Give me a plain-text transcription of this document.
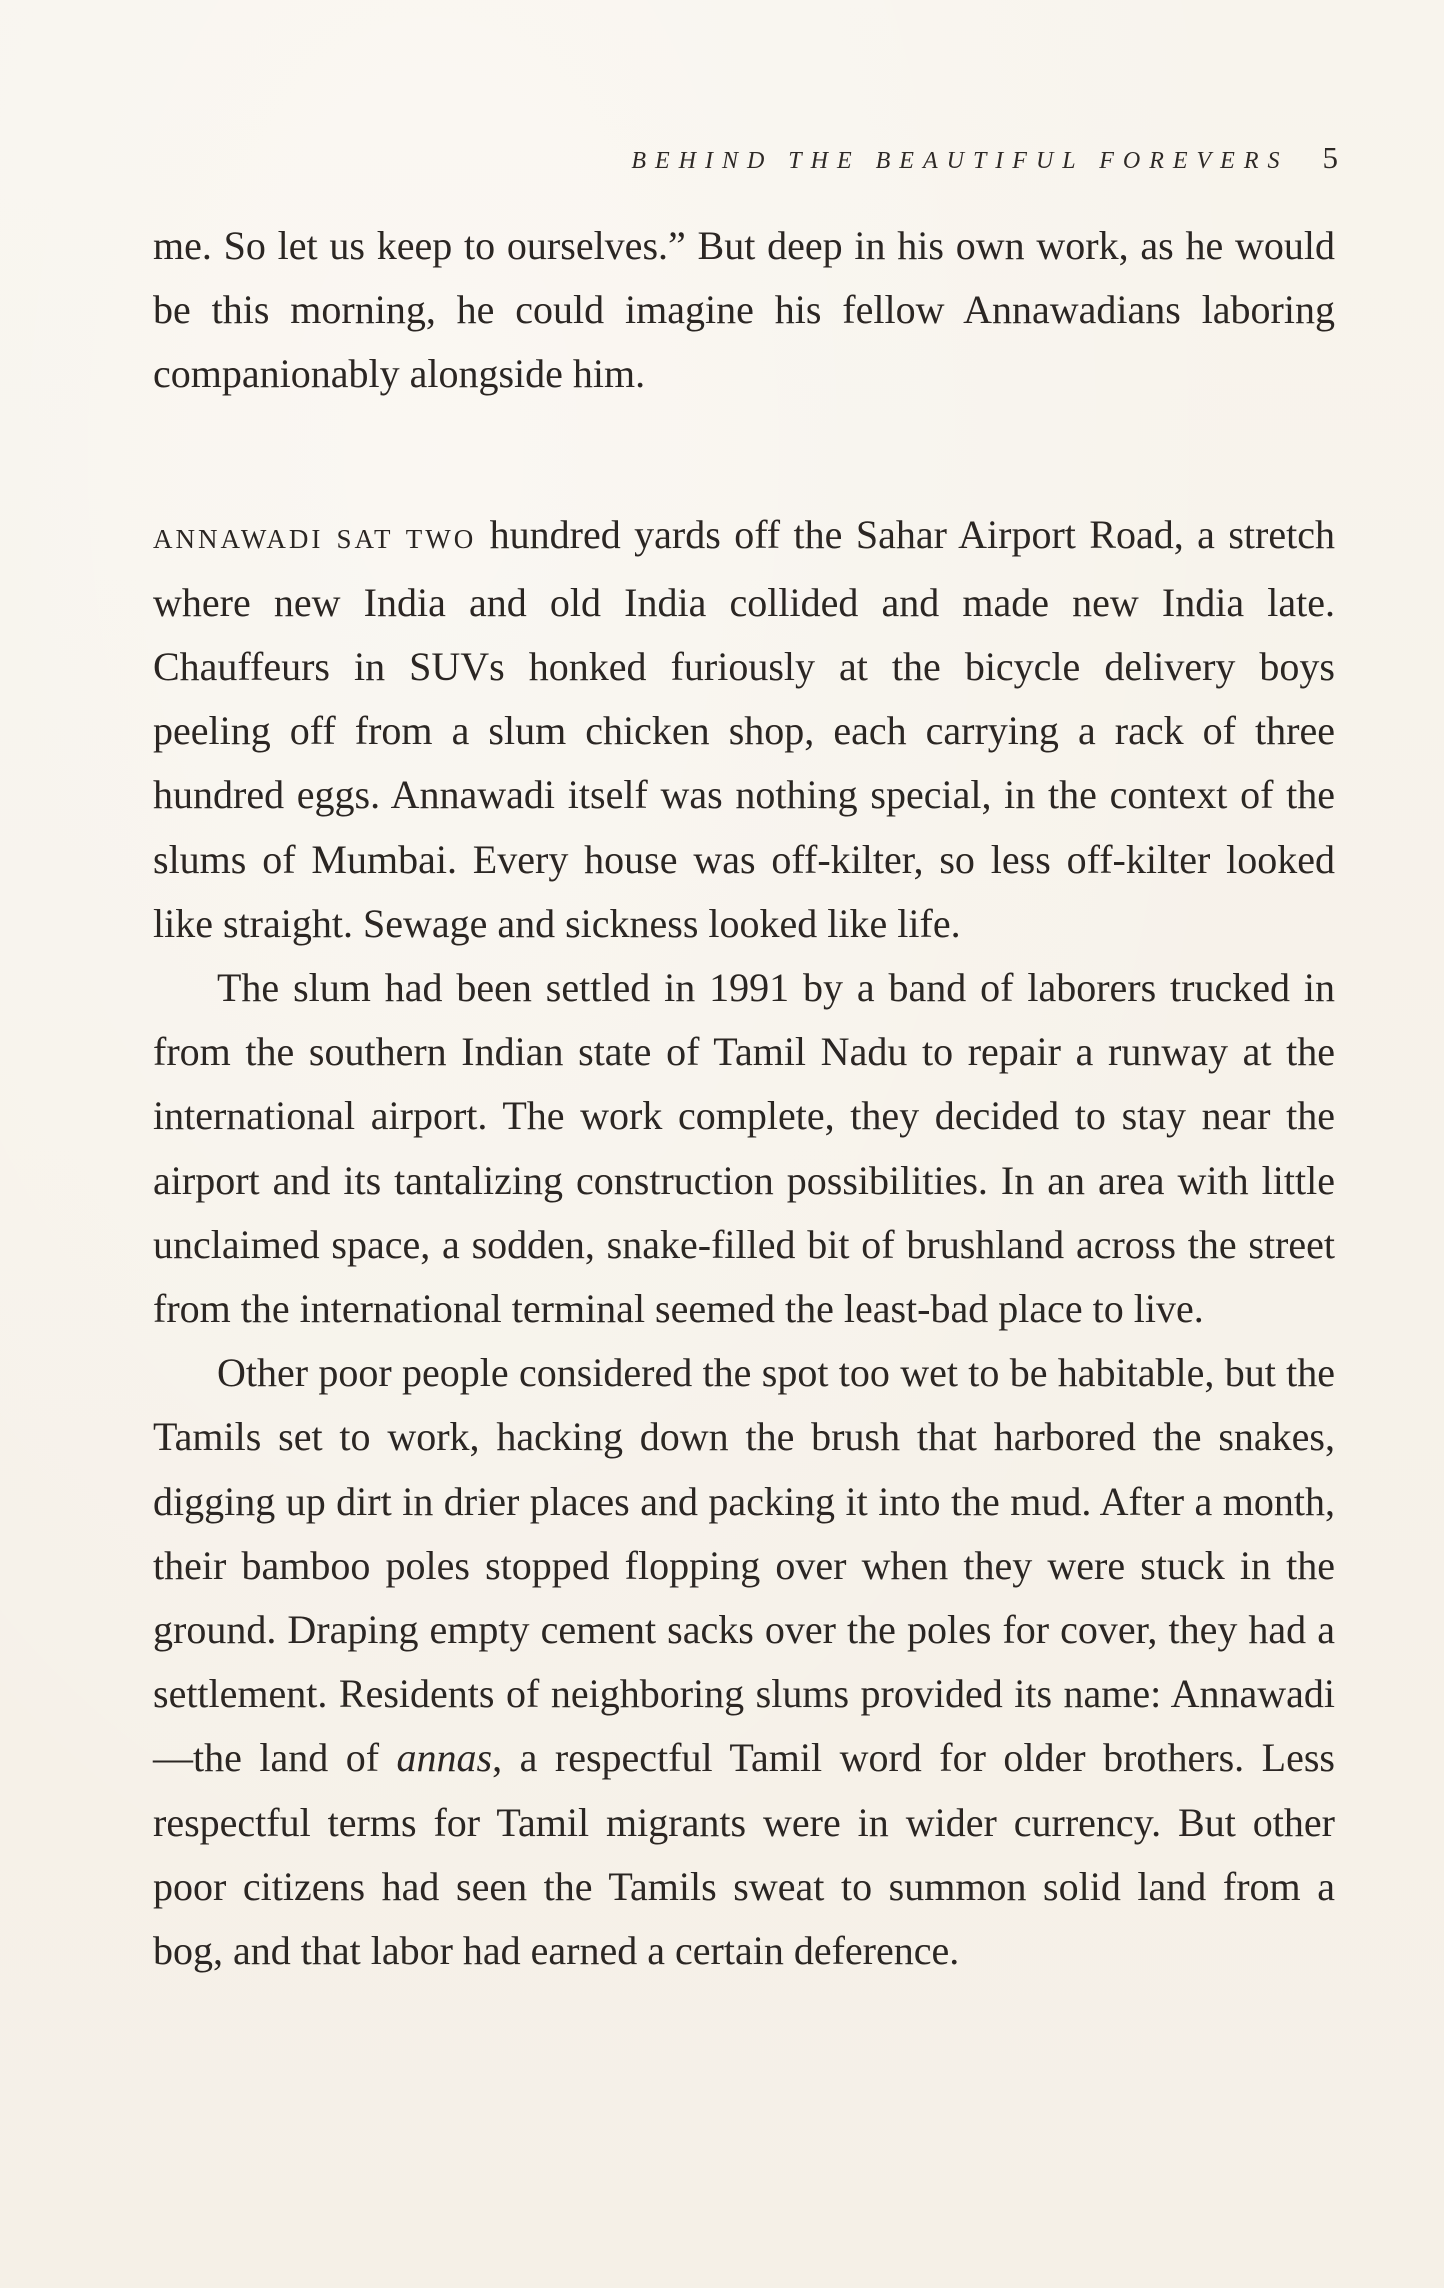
BEHIND THE BEAUTIFUL FOREVERS 5

me. So let us keep to ourselves.” But deep in his own work, as he would be this morning, he could imagine his fellow Annawadians laboring companionably alongside him.

ANNAWADI SAT TWO hundred yards off the Sahar Airport Road, a stretch where new India and old India collided and made new India late. Chauffeurs in SUVs honked furiously at the bicycle delivery boys peeling off from a slum chicken shop, each carrying a rack of three hundred eggs. Annawadi itself was nothing special, in the context of the slums of Mumbai. Every house was off-kilter, so less off-kilter looked like straight. Sewage and sickness looked like life.

The slum had been settled in 1991 by a band of laborers trucked in from the southern Indian state of Tamil Nadu to repair a runway at the international airport. The work complete, they decided to stay near the airport and its tantalizing construction possibilities. In an area with little unclaimed space, a sodden, snake-filled bit of brushland across the street from the international terminal seemed the least-bad place to live.

Other poor people considered the spot too wet to be habitable, but the Tamils set to work, hacking down the brush that harbored the snakes, digging up dirt in drier places and packing it into the mud. After a month, their bamboo poles stopped flopping over when they were stuck in the ground. Draping empty cement sacks over the poles for cover, they had a settlement. Residents of neighboring slums provided its name: Annawadi—the land of annas, a respectful Tamil word for older brothers. Less respectful terms for Tamil migrants were in wider currency. But other poor citizens had seen the Tamils sweat to summon solid land from a bog, and that labor had earned a certain deference.
